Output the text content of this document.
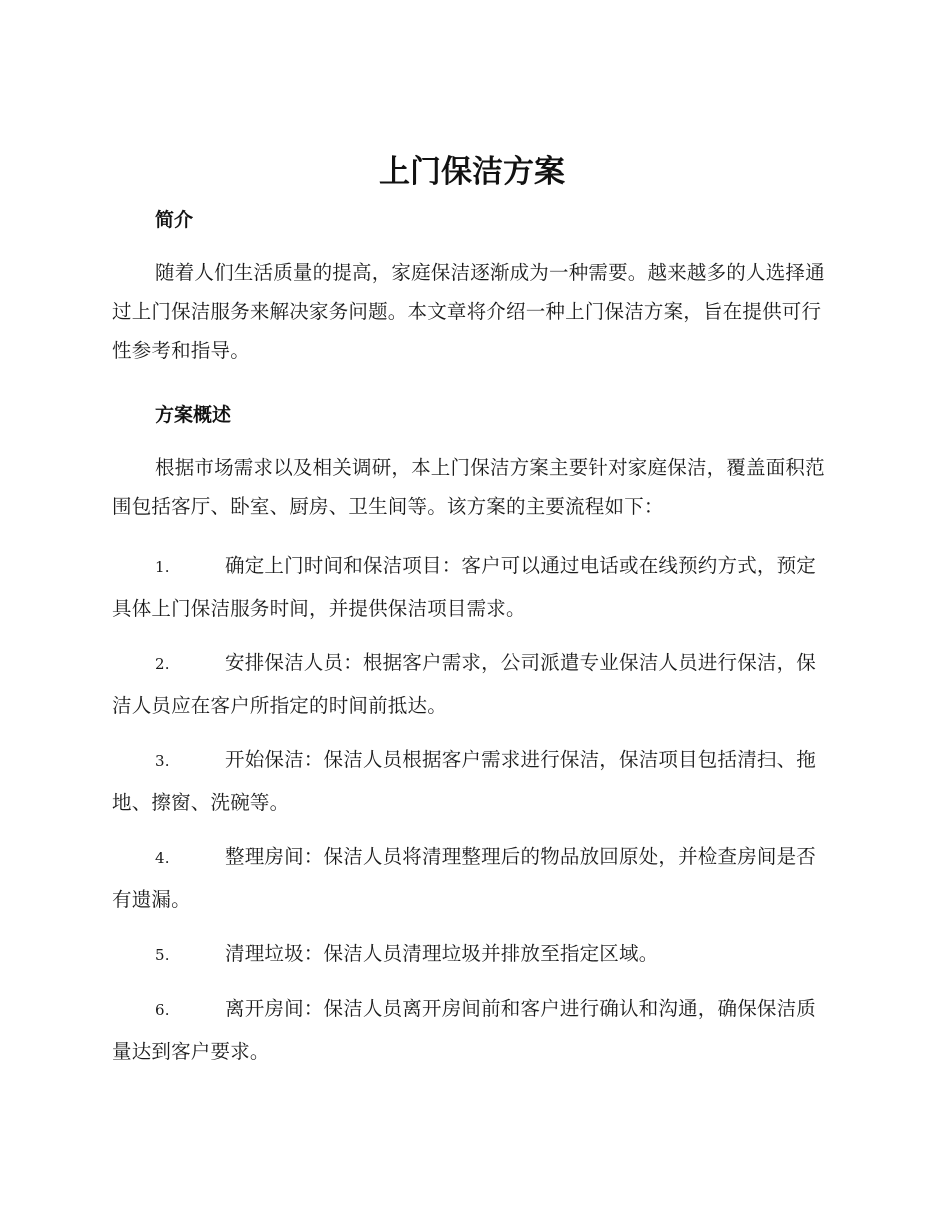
上门保洁方案
简介

随着人们生活质量的提高，家庭保洁逐渐成为一种需要。越来越多的人选择通过上门保洁服务来解决家务问题。本文章将介绍一种上门保洁方案，旨在提供可行性参考和指导。

方案概述

根据市场需求以及相关调研，本上门保洁方案主要针对家庭保洁，覆盖面积范围包括客厅、卧室、厨房、卫生间等。该方案的主要流程如下：

1.	确定上门时间和保洁项目：客户可以通过电话或在线预约方式，预定具体上门保洁服务时间，并提供保洁项目需求。
2.	安排保洁人员：根据客户需求，公司派遣专业保洁人员进行保洁，保洁人员应在客户所指定的时间前抵达。
3.	开始保洁：保洁人员根据客户需求进行保洁，保洁项目包括清扫、拖地、擦窗、洗碗等。
4.	整理房间：保洁人员将清理整理后的物品放回原处，并检查房间是否有遗漏。
5.	清理垃圾：保洁人员清理垃圾并排放至指定区域。
6.	离开房间：保洁人员离开房间前和客户进行确认和沟通，确保保洁质量达到客户要求。
